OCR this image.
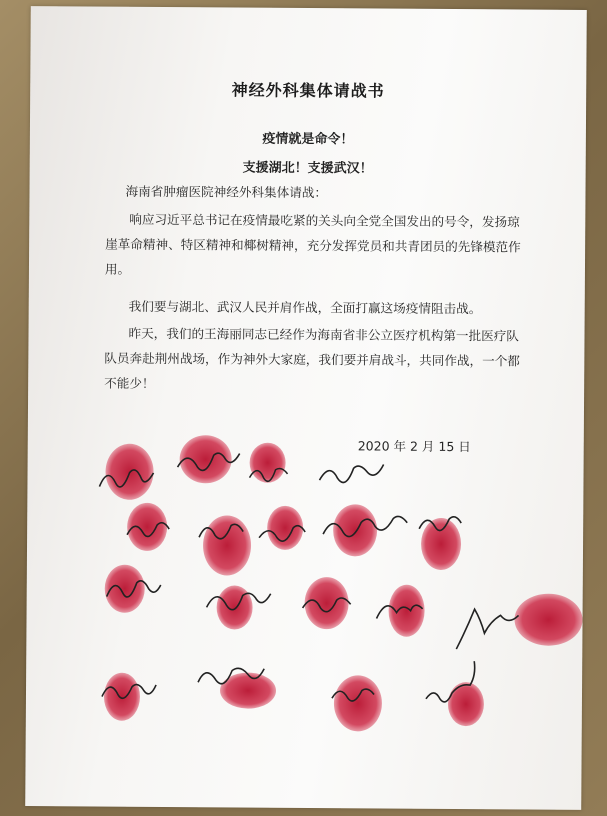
神经外科集体请战书
疫情就是命令！
支援湖北！支援武汉！
海南省肿瘤医院神经外科集体请战：

响应习近平总书记在疫情最吃紧的关头向全党全国发出的号令，发扬琼崖革命精神、特区精神和椰树精神，充分发挥党员和共青团员的先锋模范作用。

我们要与湖北、武汉人民并肩作战，全面打赢这场疫情阻击战。

昨天，我们的王海丽同志已经作为海南省非公立医疗机构第一批医疗队队员奔赴荆州战场，作为神外大家庭，我们要并肩战斗，共同作战，一个都不能少！

2020 年 2 月 15 日
